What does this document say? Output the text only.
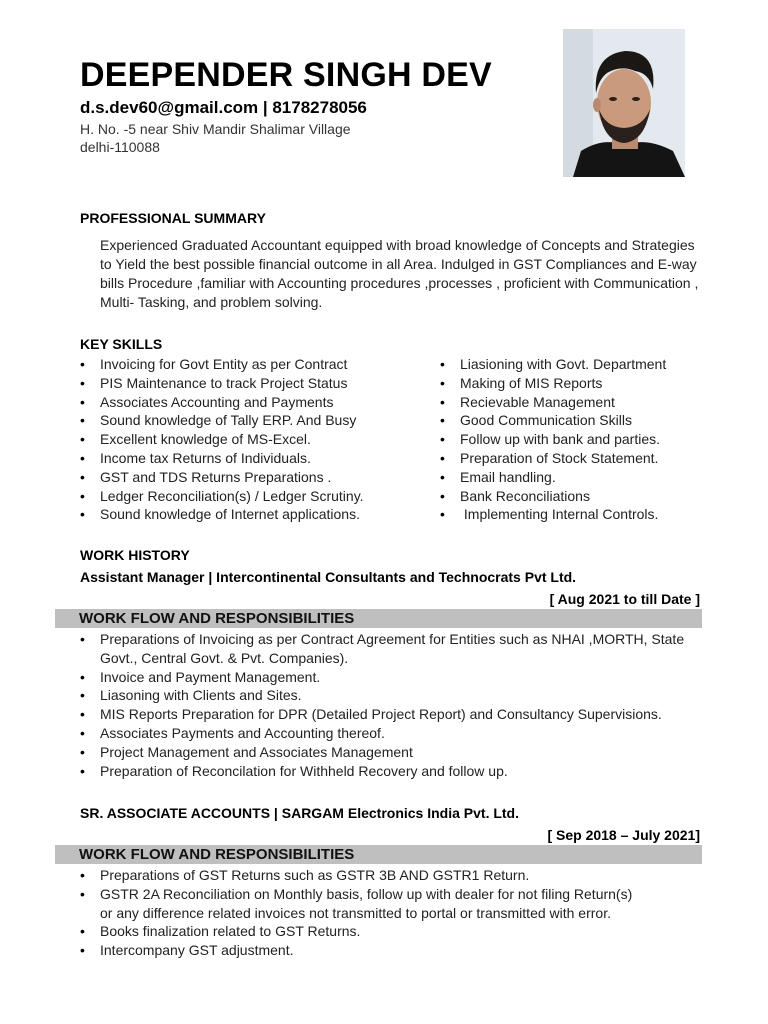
DEEPENDER SINGH DEV
d.s.dev60@gmail.com | 8178278056
H. No. -5 near Shiv Mandir Shalimar Village
delhi-110088
PROFESSIONAL SUMMARY
Experienced Graduated Accountant equipped with broad knowledge of Concepts and Strategies to Yield the best possible financial outcome in all Area. Indulged in GST Compliances and E-way bills Procedure ,familiar with Accounting procedures ,processes , proficient with Communication , Multi- Tasking, and problem solving.
KEY SKILLS
• Invoicing for Govt Entity as per Contract
• PIS Maintenance to track Project Status
• Associates Accounting and Payments
• Sound knowledge of Tally ERP. And Busy
• Excellent knowledge of MS-Excel.
• Income tax Returns of Individuals.
• GST and TDS Returns Preparations .
• Ledger Reconciliation(s) / Ledger Scrutiny.
• Sound knowledge of Internet applications.
• Liasioning with Govt. Department
• Making of MIS Reports
• Recievable Management
• Good Communication Skills
• Follow up with bank and parties.
• Preparation of Stock Statement.
• Email handling.
• Bank Reconciliations
•  Implementing Internal Controls.
WORK HISTORY
Assistant Manager | Intercontinental Consultants and Technocrats Pvt Ltd.
[ Aug 2021 to till Date ]
WORK FLOW AND RESPONSIBILITIES
• Preparations of Invoicing as per Contract Agreement for Entities such as NHAI ,MORTH, State Govt., Central Govt. & Pvt. Companies).
• Invoice and Payment Management.
• Liasoning with Clients and Sites.
• MIS Reports Preparation for DPR (Detailed Project Report) and Consultancy Supervisions.
• Associates Payments and Accounting thereof.
• Project Management and Associates Management
• Preparation of Reconcilation for Withheld Recovery and follow up.
SR. ASSOCIATE ACCOUNTS | SARGAM Electronics India Pvt. Ltd.
[ Sep 2018 – July 2021]
WORK FLOW AND RESPONSIBILITIES
• Preparations of GST Returns such as GSTR 3B AND GSTR1 Return.
• GSTR 2A Reconciliation on Monthly basis, follow up with dealer for not filing Return(s) or any difference related invoices not transmitted to portal or transmitted with error.
• Books finalization related to GST Returns.
• Intercompany GST adjustment.
